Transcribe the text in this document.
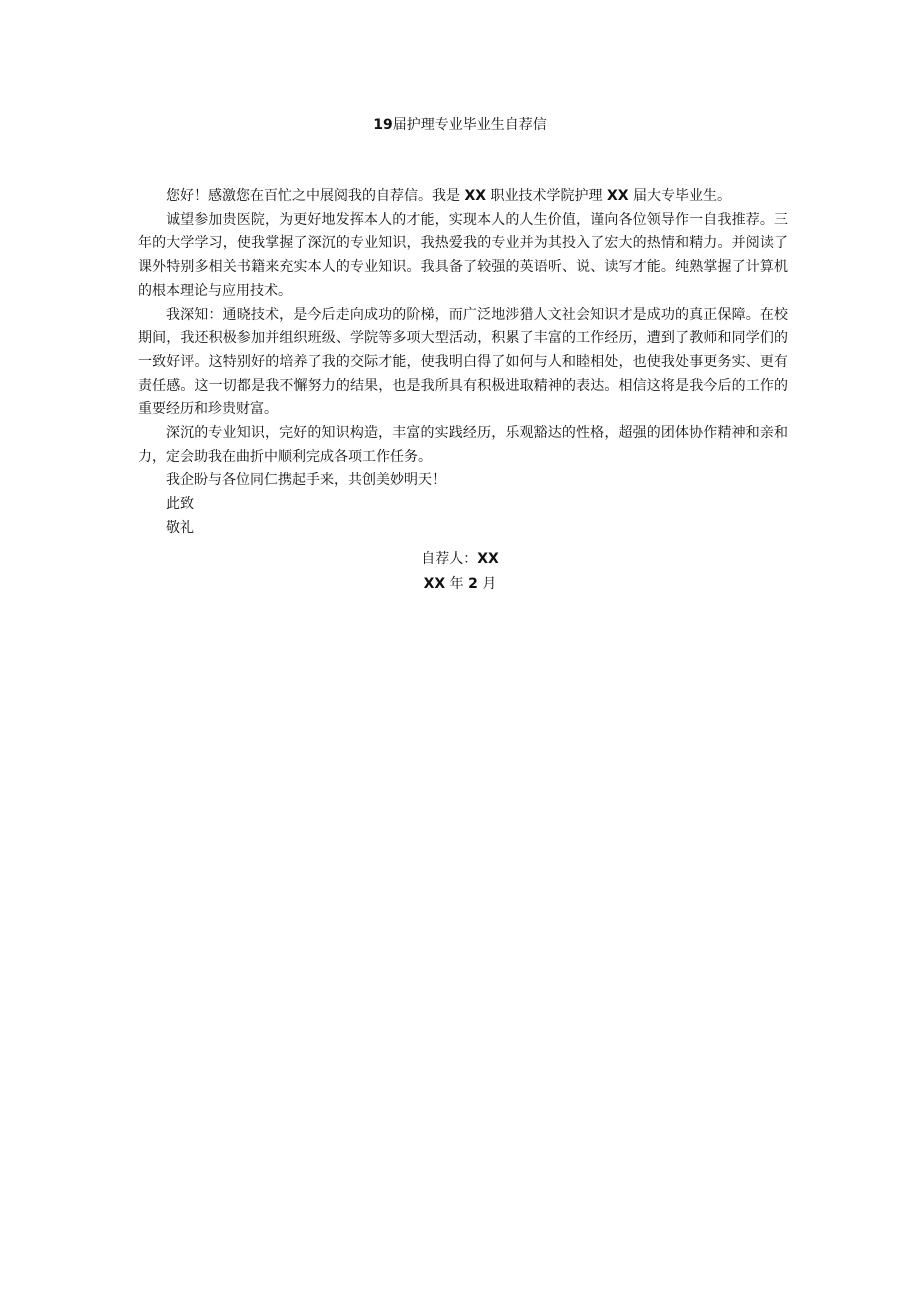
19届护理专业毕业生自荐信

您好！感激您在百忙之中展阅我的自荐信。我是 XX 职业技术学院护理 XX 届大专毕业生。

诚望参加贵医院，为更好地发挥本人的才能，实现本人的人生价值，谨向各位领导作一自我推荐。三年的大学学习，使我掌握了深沉的专业知识，我热爱我的专业并为其投入了宏大的热情和精力。并阅读了课外特别多相关书籍来充实本人的专业知识。我具备了较强的英语听、说、读写才能。纯熟掌握了计算机的根本理论与应用技术。

我深知：通晓技术，是今后走向成功的阶梯，而广泛地涉猎人文社会知识才是成功的真正保障。在校期间，我还积极参加并组织班级、学院等多项大型活动，积累了丰富的工作经历，遭到了教师和同学们的一致好评。这特别好的培养了我的交际才能，使我明白得了如何与人和睦相处，也使我处事更务实、更有责任感。这一切都是我不懈努力的结果，也是我所具有积极进取精神的表达。相信这将是我今后的工作的重要经历和珍贵财富。

深沉的专业知识，完好的知识构造，丰富的实践经历，乐观豁达的性格，超强的团体协作精神和亲和力，定会助我在曲折中顺利完成各项工作任务。

我企盼与各位同仁携起手来，共创美妙明天！

此致

敬礼

自荐人：XX
XX 年 2 月
